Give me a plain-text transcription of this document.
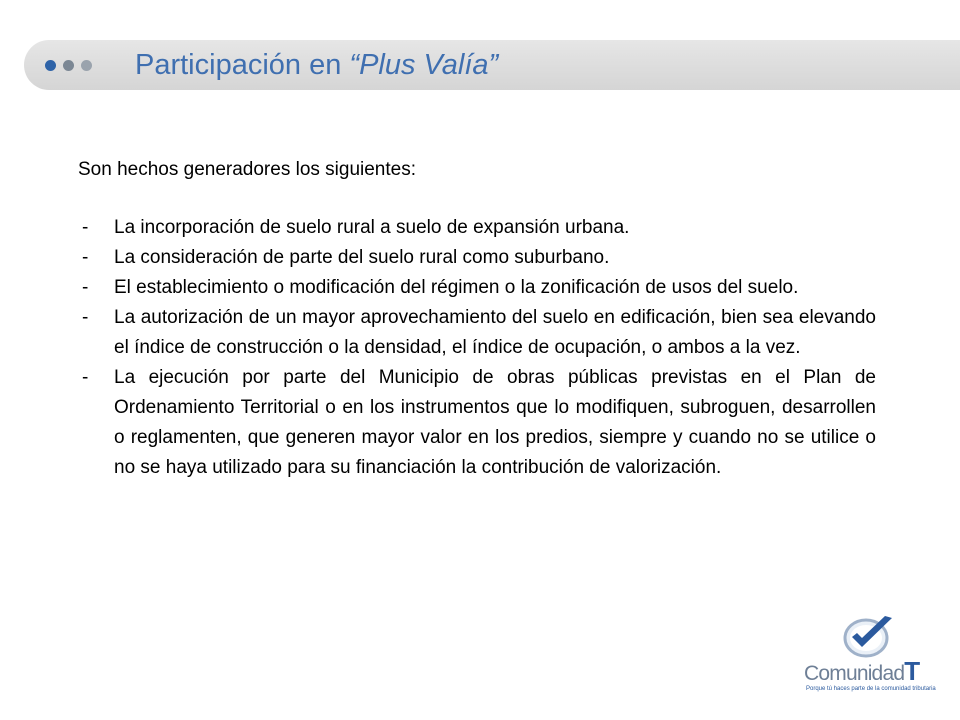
Participación en “Plus Valía”

Son hechos generadores los siguientes:

- La incorporación de suelo rural a suelo de expansión urbana.
- La consideración de parte del suelo rural como suburbano.
- El establecimiento o modificación del régimen o la zonificación de usos del suelo.
- La autorización de un mayor aprovechamiento del suelo en edificación, bien sea elevando el índice de construcción o la densidad, el índice de ocupación, o ambos a la vez.
- La ejecución por parte del Municipio de obras públicas previstas en el Plan de Ordenamiento Territorial o en los instrumentos que lo modifiquen, subroguen, desarrollen o reglamenten, que generen mayor valor en los predios, siempre y cuando no se utilice o no se haya utilizado para su financiación la contribución de valorización.
ComunidadT
Porque tú haces parte de la comunidad tributaria
